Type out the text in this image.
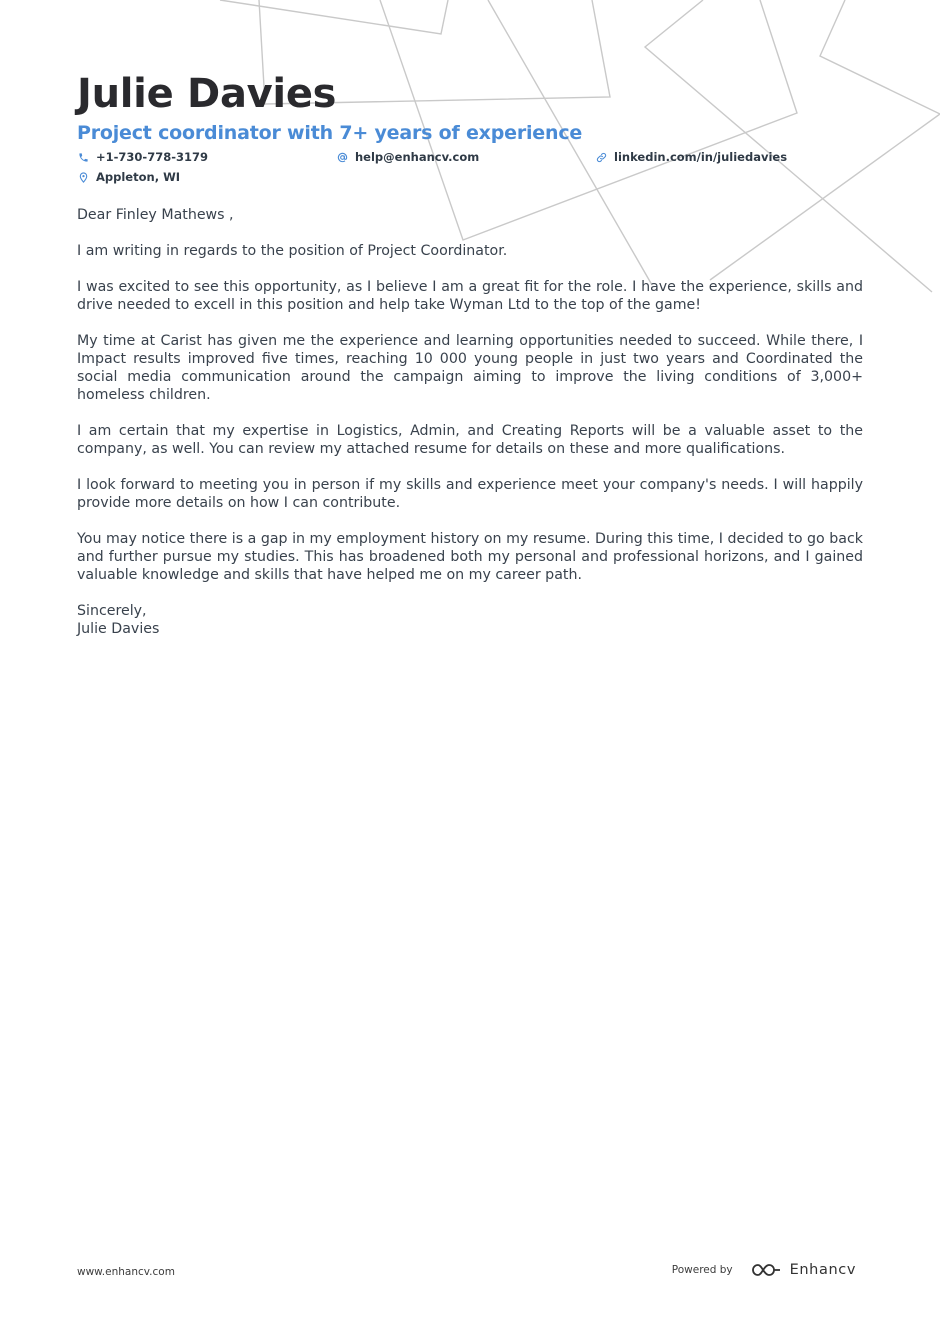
Julie Davies
Project coordinator with 7+ years of experience
+1-730-778-3179	help@enhancv.com	linkedin.com/in/juliedavies
Appleton, WI

Dear Finley Mathews ,

I am writing in regards to the position of Project Coordinator.

I was excited to see this opportunity, as I believe I am a great fit for the role. I have the experience, skills and drive needed to excell in this position and help take Wyman Ltd to the top of the game!

My time at Carist has given me the experience and learning opportunities needed to succeed. While there, I Impact results improved five times, reaching 10 000 young people in just two years and Coordinated the social media communication around the campaign aiming to improve the living conditions of 3,000+ homeless children.

I am certain that my expertise in Logistics, Admin, and Creating Reports will be a valuable asset to the company, as well. You can review my attached resume for details on these and more qualifications.

I look forward to meeting you in person if my skills and experience meet your company's needs. I will happily provide more details on how I can contribute.

You may notice there is a gap in my employment history on my resume. During this time, I decided to go back and further pursue my studies. This has broadened both my personal and professional horizons, and I gained valuable knowledge and skills that have helped me on my career path.

Sincerely,
Julie Davies
www.enhancv.com	Powered by	Enhancv
